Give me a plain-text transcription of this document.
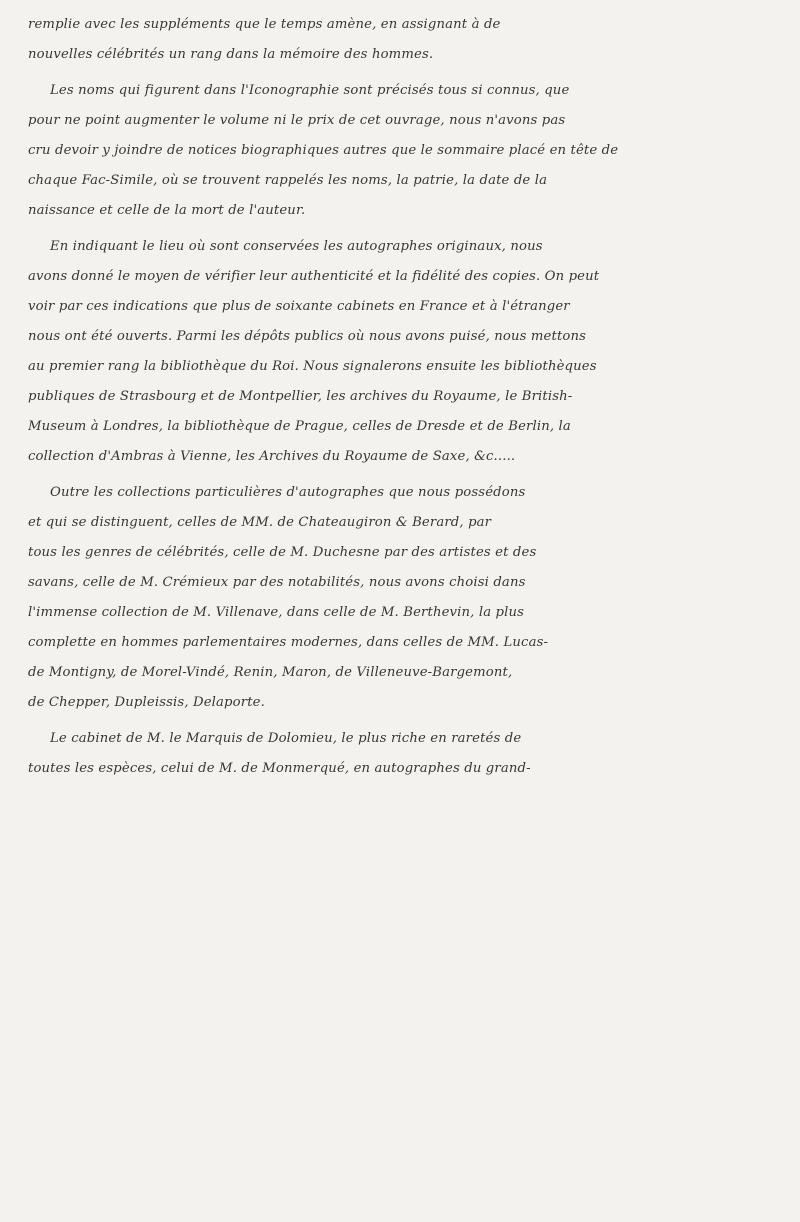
remplie avec les suppléments que le temps amène, en assignant à de
nouvelles célébrités un rang dans la mémoire des hommes.
Les noms qui figurent dans l'Iconographie sont précisés tous si connus, que
pour ne point augmenter le volume ni le prix de cet ouvrage, nous n'avons pas
cru devoir y joindre de notices biographiques autres que le sommaire placé en tête de
chaque Fac-Simile, où se trouvent rappelés les noms, la patrie, la date de la
naissance et celle de la mort de l'auteur.
En indiquant le lieu où sont conservées les autographes originaux, nous
avons donné le moyen de vérifier leur authenticité et la fidélité des copies. On peut
voir par ces indications que plus de soixante cabinets en France et à l'étranger
nous ont été ouverts. Parmi les dépôts publics où nous avons puisé, nous mettons
au premier rang la bibliothèque du Roi. Nous signalerons ensuite les bibliothèques
publiques de Strasbourg et de Montpellier, les archives du Royaume, le British-
Museum à Londres, la bibliothèque de Prague, celles de Dresde et de Berlin, la
collection d'Ambras à Vienne, les Archives du Royaume de Saxe, &c.....
Outre les collections particulières d'autographes que nous possédons
et qui se distinguent, celles de MM. de Chateaugiron & Berard, par
tous les genres de célébrités, celle de M. Duchesne par des artistes et des
savans, celle de M. Crémieux par des notabilités, nous avons choisi dans
l'immense collection de M. Villenave, dans celle de M. Berthevin, la plus
complette en hommes parlementaires modernes, dans celles de MM. Lucas-
de Montigny, de Morel-Vindé, Renin, Maron, de Villeneuve-Bargemont,
de Chepper, Dupleissis, Delaporte.
Le cabinet de M. le Marquis de Dolomieu, le plus riche en raretés de
toutes les espèces, celui de M. de Monmerqué, en autographes du grand-
